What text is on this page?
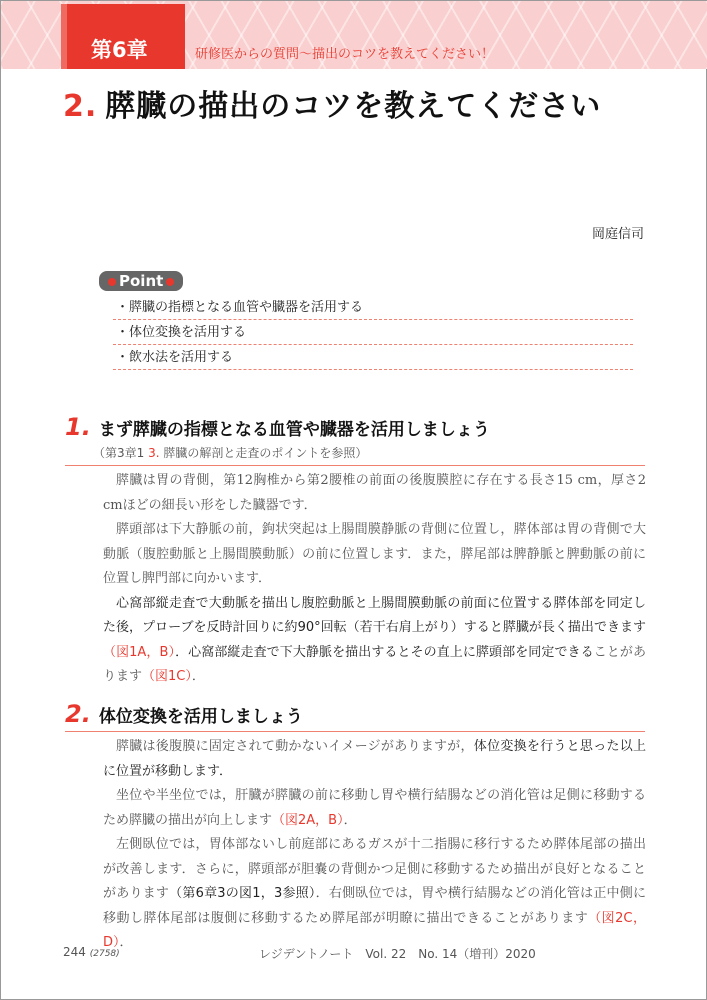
第6章	研修医からの質問〜描出のコツを教えてください！
2. 膵臓の描出のコツを教えてください
岡庭信司
Point
・膵臓の指標となる血管や臓器を活用する
・体位変換を活用する
・飲水法を活用する
1. まず膵臓の指標となる血管や臓器を活用しましょう
（第3章1 3. 膵臓の解剖と走査のポイントを参照）

膵臓は胃の背側，第12胸椎から第2腰椎の前面の後腹膜腔に存在する長さ15 cm，厚さ2 cmほどの細長い形をした臓器です．

膵頭部は下大静脈の前，鉤状突起は上腸間膜静脈の背側に位置し，膵体部は胃の背側で大動脈（腹腔動脈と上腸間膜動脈）の前に位置します．また，膵尾部は脾静脈と脾動脈の前に位置し脾門部に向かいます．

心窩部縦走査で大動脈を描出し腹腔動脈と上腸間膜動脈の前面に位置する膵体部を同定した後，プローブを反時計回りに約90°回転（若干右肩上がり）すると膵臓が長く描出できます（図1A，B）．心窩部縦走査で下大静脈を描出するとその直上に膵頭部を同定できることがあります（図1C）．

2. 体位変換を活用しましょう

膵臓は後腹膜に固定されて動かないイメージがありますが，体位変換を行うと思った以上に位置が移動します．

坐位や半坐位では，肝臓が膵臓の前に移動し胃や横行結腸などの消化管は足側に移動するため膵臓の描出が向上します（図2A，B）．

左側臥位では，胃体部ないし前庭部にあるガスが十二指腸に移行するため膵体尾部の描出が改善します．さらに，膵頭部が胆嚢の背側かつ足側に移動するため描出が良好となることがあります（第6章3の図1，3参照）．右側臥位では，胃や横行結腸などの消化管は正中側に移動し膵体尾部は腹側に移動するため膵尾部が明瞭に描出できることがあります（図2C，D）．

244 (2758)	レジデントノート　Vol. 22　No. 14（増刊）2020
